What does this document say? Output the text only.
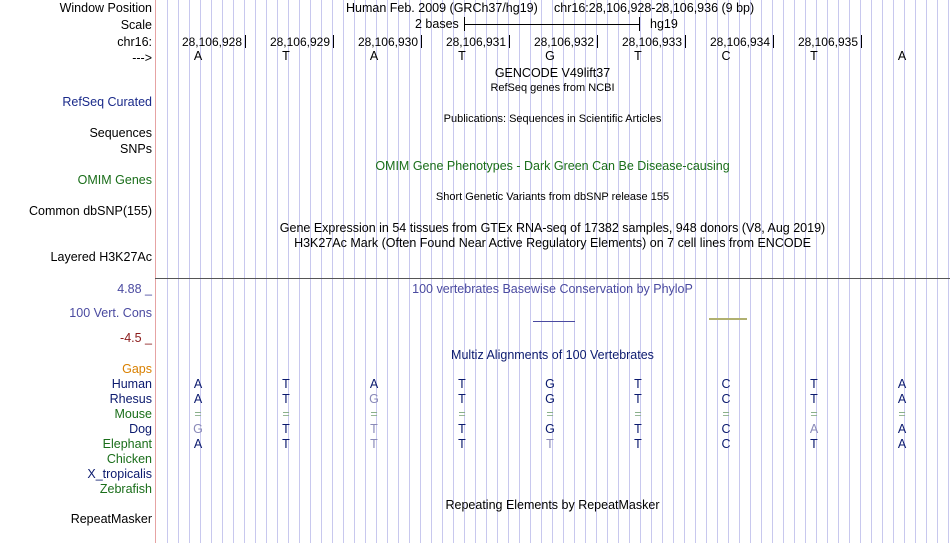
Window Position
Scale
chr16:
--->
RefSeq Curated
Sequences
SNPs
OMIM Genes
Common dbSNP(155)
Layered H3K27Ac
4.88 _
100 Vert. Cons
-4.5 _
Gaps
Human
Rhesus
Mouse
Dog
Elephant
Chicken
X_tropicalis
Zebrafish
RepeatMasker
Human Feb. 2009 (GRCh37/hg19) chr16:28,106,928-28,106,936 (9 bp)
2 bases	hg19
28,106,928 28,106,929 28,106,930 28,106,931 28,106,932 28,106,933 28,106,934 28,106,935
A	T	A	T	G	T	C	T	A
GENCODE V49lift37
RefSeq genes from NCBI
Publications: Sequences in Scientific Articles
OMIM Gene Phenotypes - Dark Green Can Be Disease-causing
Short Genetic Variants from dbSNP release 155
Gene Expression in 54 tissues from GTEx RNA-seq of 17382 samples, 948 donors (V8, Aug 2019)
H3K27Ac Mark (Often Found Near Active Regulatory Elements) on 7 cell lines from ENCODE
100 vertebrates Basewise Conservation by PhyloP
Multiz Alignments of 100 Vertebrates
A	T	A	T	G	T	C	T	A
A	T	G	T	G	T	C	T	A
=	=	=	=	=	=	=	=	=
G	T	T	T	G	T	C	A	A
A	T	T	T	T	T	C	T	A
Repeating Elements by RepeatMasker
